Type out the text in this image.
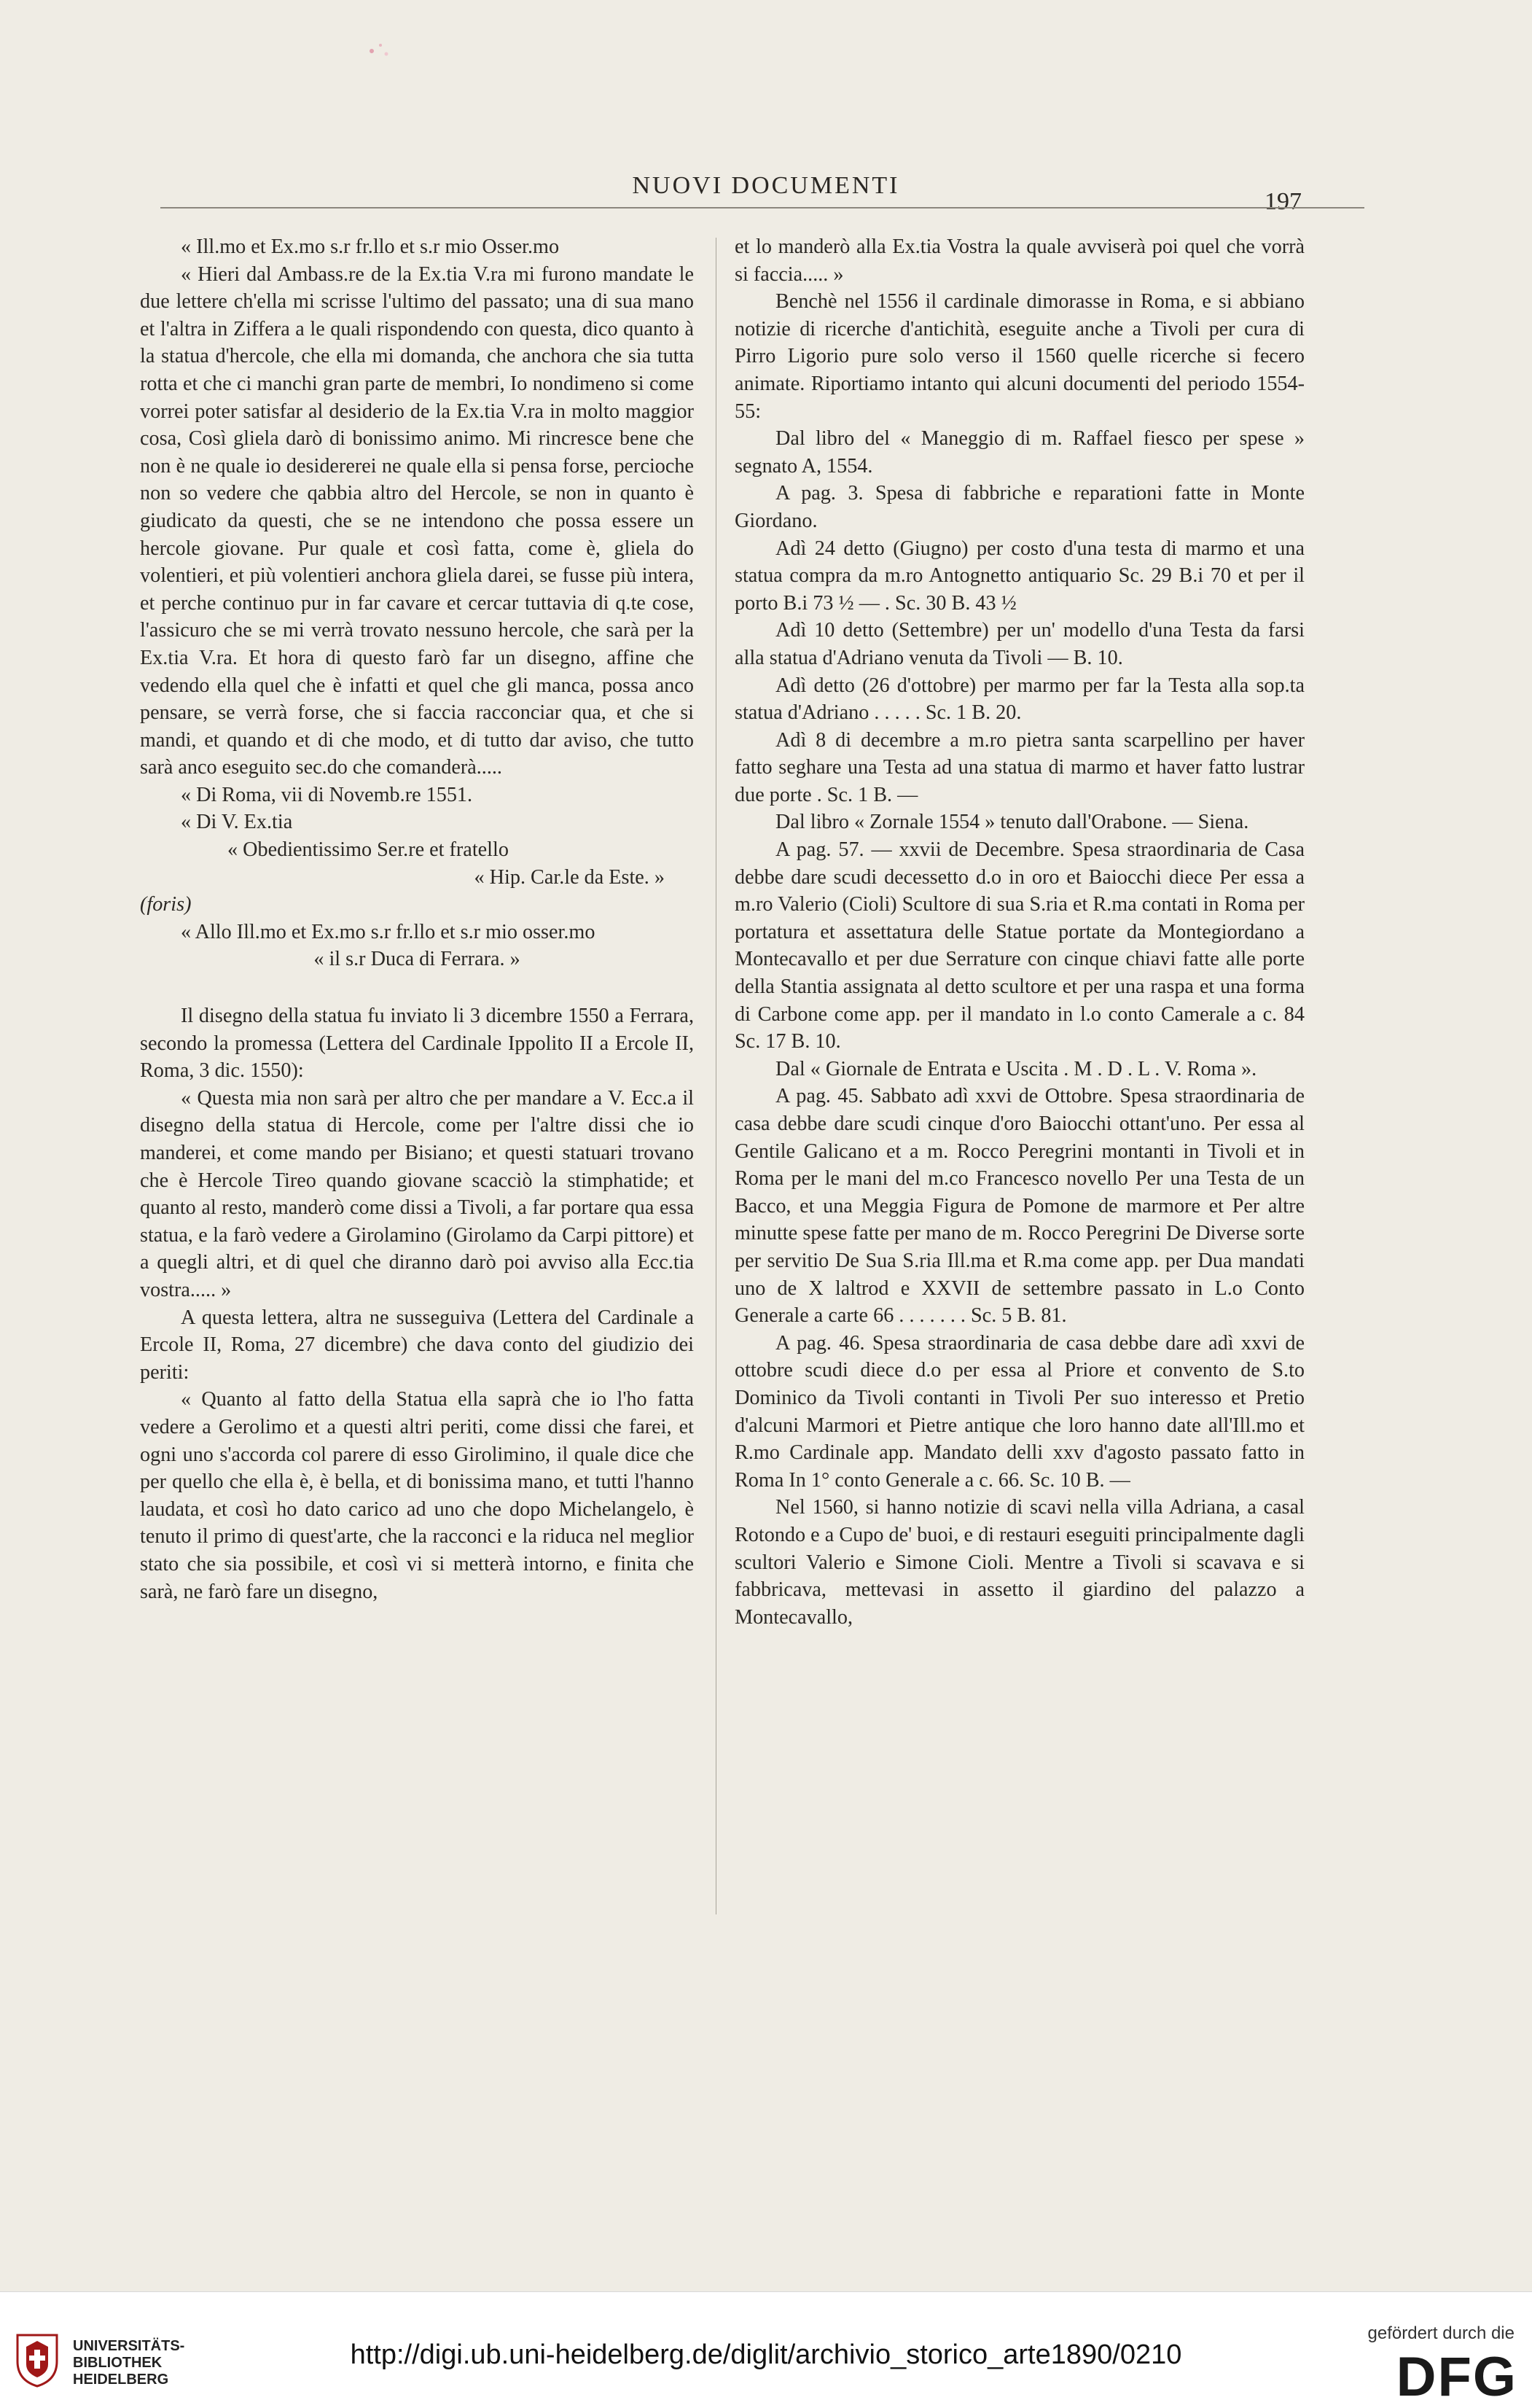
NUOVI DOCUMENTI
197

« Ill.mo et Ex.mo s.r fr.llo et s.r mio Osser.mo

« Hieri dal Ambass.re de la Ex.tia V.ra mi furono mandate le due lettere ch'ella mi scrisse l'ultimo del passato; una di sua mano et l'altra in Ziffera a le quali rispondendo con questa, dico quanto à la statua d'hercole, che ella mi domanda, che anchora che sia tutta rotta et che ci manchi gran parte de membri, Io nondimeno si come vorrei poter satisfar al desiderio de la Ex.tia V.ra in molto maggior cosa, Così gliela darò di bonissimo animo. Mi rincresce bene che non è ne quale io desidererei ne quale ella si pensa forse, percioche non so vedere che qabbia altro del Hercole, se non in quanto è giudicato da questi, che se ne intendono che possa essere un hercole giovane. Pur quale et così fatta, come è, gliela do volentieri, et più volentieri anchora gliela darei, se fusse più intera, et perche continuo pur in far cavare et cercar tuttavia di q.te cose, l'assicuro che se mi verrà trovato nessuno hercole, che sarà per la Ex.tia V.ra. Et hora di questo farò far un disegno, affine che vedendo ella quel che è infatti et quel che gli manca, possa anco pensare, se verrà forse, che si faccia racconciar qua, et che si mandi, et quando et di che modo, et di tutto dar aviso, che tutto sarà anco eseguito sec.do che comanderà.....

« Di Roma, vii di Novemb.re 1551.

« Di V. Ex.tia

« Obedientissimo Ser.re et fratello

« Hip. Car.le da Este. »

(foris)

« Allo Ill.mo et Ex.mo s.r fr.llo et s.r mio osser.mo

« il s.r Duca di Ferrara. »

Il disegno della statua fu inviato li 3 dicembre 1550 a Ferrara, secondo la promessa (Lettera del Cardinale Ippolito II a Ercole II, Roma, 3 dic. 1550):

« Questa mia non sarà per altro che per mandare a V. Ecc.a il disegno della statua di Hercole, come per l'altre dissi che io manderei, et come mando per Bisiano; et questi statuari trovano che è Hercole Tireo quando giovane scacciò la stimphatide; et quanto al resto, manderò come dissi a Tivoli, a far portare qua essa statua, e la farò vedere a Girolamino (Girolamo da Carpi pittore) et a quegli altri, et di quel che diranno darò poi avviso alla Ecc.tia vostra..... »

A questa lettera, altra ne susseguiva (Lettera del Cardinale a Ercole II, Roma, 27 dicembre) che dava conto del giudizio dei periti:

« Quanto al fatto della Statua ella saprà che io l'ho fatta vedere a Gerolimo et a questi altri periti, come dissi che farei, et ogni uno s'accorda col parere di esso Girolimino, il quale dice che per quello che ella è, è bella, et di bonissima mano, et tutti l'hanno laudata, et così ho dato carico ad uno che dopo Michelangelo, è tenuto il primo di quest'arte, che la racconci e la riduca nel meglior stato che sia possibile, et così vi si metterà intorno, e finita che sarà, ne farò fare un disegno,

et lo manderò alla Ex.tia Vostra la quale avviserà poi quel che vorrà si faccia..... »

Benchè nel 1556 il cardinale dimorasse in Roma, e si abbiano notizie di ricerche d'antichità, eseguite anche a Tivoli per cura di Pirro Ligorio pure solo verso il 1560 quelle ricerche si fecero animate. Riportiamo intanto qui alcuni documenti del periodo 1554-55:

Dal libro del « Maneggio di m. Raffael fiesco per spese » segnato A, 1554.

A pag. 3. Spesa di fabbriche e reparationi fatte in Monte Giordano.

Adì 24 detto (Giugno) per costo d'una testa di marmo et una statua compra da m.ro Antognetto antiquario Sc. 29 B.i 70 et per il porto B.i 73 ½ — . Sc. 30 B. 43 ½

Adì 10 detto (Settembre) per un' modello d'una Testa da farsi alla statua d'Adriano venuta da Tivoli — B. 10.

Adì detto (26 d'ottobre) per marmo per far la Testa alla sop.ta statua d'Adriano . . . . . Sc. 1 B. 20.

Adì 8 di decembre a m.ro pietra santa scarpellino per haver fatto seghare una Testa ad una statua di marmo et haver fatto lustrar due porte . Sc. 1 B. —

Dal libro « Zornale 1554 » tenuto dall'Orabone. — Siena.

A pag. 57. — xxvii de Decembre. Spesa straordinaria de Casa debbe dare scudi decessetto d.o in oro et Baiocchi diece Per essa a m.ro Valerio (Cioli) Scultore di sua S.ria et R.ma contati in Roma per portatura et assettatura delle Statue portate da Montegiordano a Montecavallo et per due Serrature con cinque chiavi fatte alle porte della Stantia assignata al detto scultore et per una raspa et una forma di Carbone come app. per il mandato in l.o conto Camerale a c. 84 Sc. 17 B. 10.

Dal « Giornale de Entrata e Uscita . M . D . L . V. Roma ».

A pag. 45. Sabbato adì xxvi de Ottobre. Spesa straordinaria de casa debbe dare scudi cinque d'oro Baiocchi ottant'uno. Per essa al Gentile Galicano et a m. Rocco Peregrini montanti in Tivoli et in Roma per le mani del m.co Francesco novello Per una Testa de un Bacco, et una Meggia Figura de Pomone de marmore et Per altre minutte spese fatte per mano de m. Rocco Peregrini De Diverse sorte per servitio De Sua S.ria Ill.ma et R.ma come app. per Dua mandati uno de X laltrod e XXVII de settembre passato in L.o Conto Generale a carte 66 . . . . . . . Sc. 5 B. 81.

A pag. 46. Spesa straordinaria de casa debbe dare adì xxvi de ottobre scudi diece d.o per essa al Priore et convento de S.to Dominico da Tivoli contanti in Tivoli Per suo interesso et Pretio d'alcuni Marmori et Pietre antique che loro hanno date all'Ill.mo et R.mo Cardinale app. Mandato delli xxv d'agosto passato fatto in Roma In 1° conto Generale a c. 66. Sc. 10 B. —

Nel 1560, si hanno notizie di scavi nella villa Adriana, a casal Rotondo e a Cupo de' buoi, e di restauri eseguiti principalmente dagli scultori Valerio e Simone Cioli. Mentre a Tivoli si scavava e si fabbricava, mettevasi in assetto il giardino del palazzo a Montecavallo,

UNIVERSITÄTS-
BIBLIOTHEK
HEIDELBERG
http://digi.ub.uni-heidelberg.de/diglit/archivio_storico_arte1890/0210
gefördert durch die
DFG
